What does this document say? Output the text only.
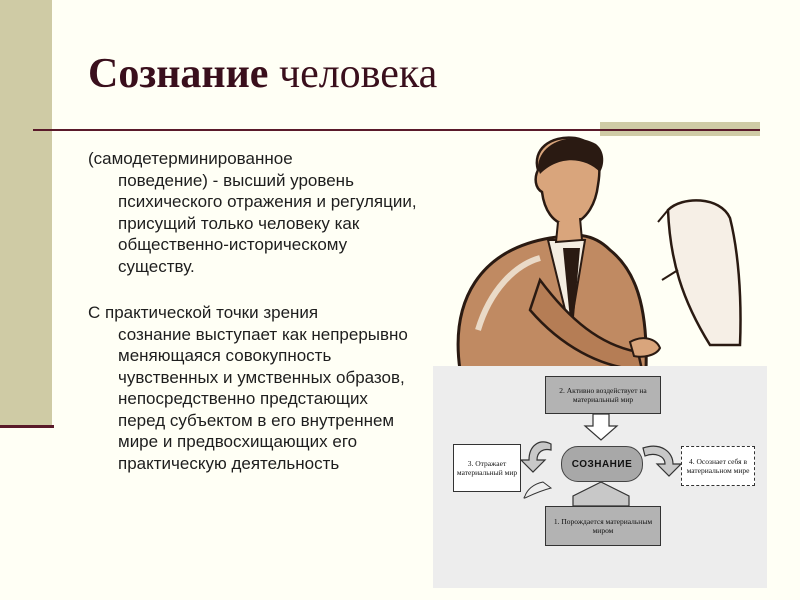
Сознание человека

(самодетерминированное
поведение) - высший уровень психического отражения и регуляции, присущий только человеку как общественно-историческому существу.

С практической точки зрения
сознание выступает как непрерывно меняющаяся совокупность чувственных и умственных образов, непосредственно предстающих перед субъектом в его внутреннем мире и предвосхищающих его практическую деятельность

2. Активно воздействует на материальный мир
3. Отражает материальный мир
СОЗНАНИЕ	4. Осознает себя в материальном мире
1. Порождается материальным миром
